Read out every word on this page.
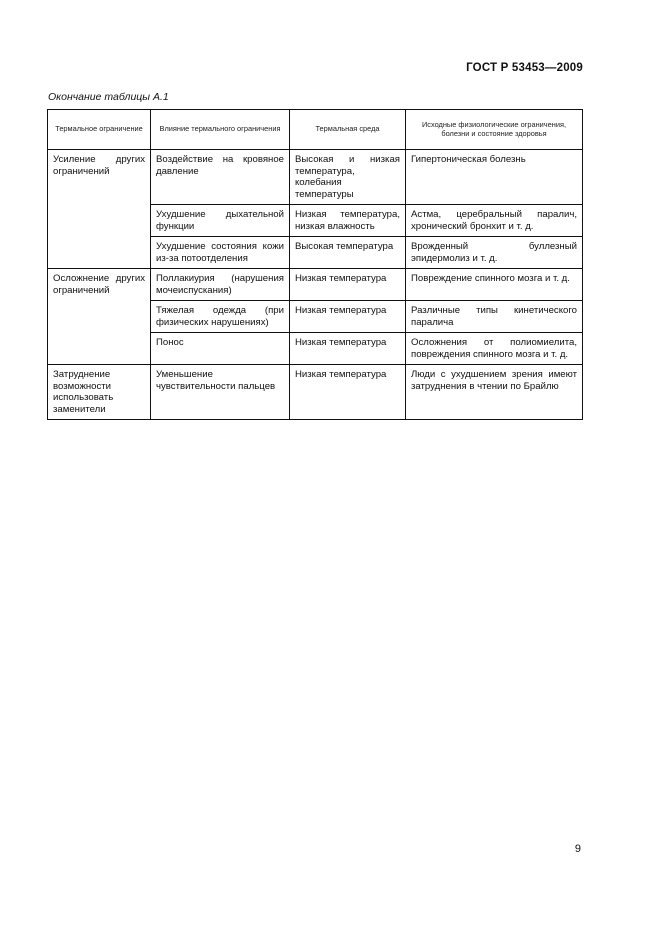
ГОСТ Р 53453—2009
Окончание таблицы А.1
Термальное ограничение	Влияние термального ограничения	Термальная среда	Исходные физиологические ограничения, болезни и состояние здоровья
Усиление других ограничений	Воздействие на кровяное давление	Высокая и низкая температура, колебания температуры	Гипертоническая болезнь
	Ухудшение дыхательной функции	Низкая температура, низкая влажность	Астма, церебральный паралич, хронический бронхит и т. д.
	Ухудшение состояния кожи из-за потоотделения	Высокая температура	Врожденный буллезный эпидермолиз и т. д.
Осложнение других ограничений	Поллакиурия (нарушения мочеиспускания)	Низкая температура	Повреждение спинного мозга и т. д.
	Тяжелая одежда (при физических нарушениях)	Низкая температура	Различные типы кинетического паралича
	Понос	Низкая температура	Осложнения от полиомиелита, повреждения спинного мозга и т. д.
Затруднение возможности использовать заменители	Уменьшение чувствительности пальцев	Низкая температура	Люди с ухудшением зрения имеют затруднения в чтении по Брайлю
9
